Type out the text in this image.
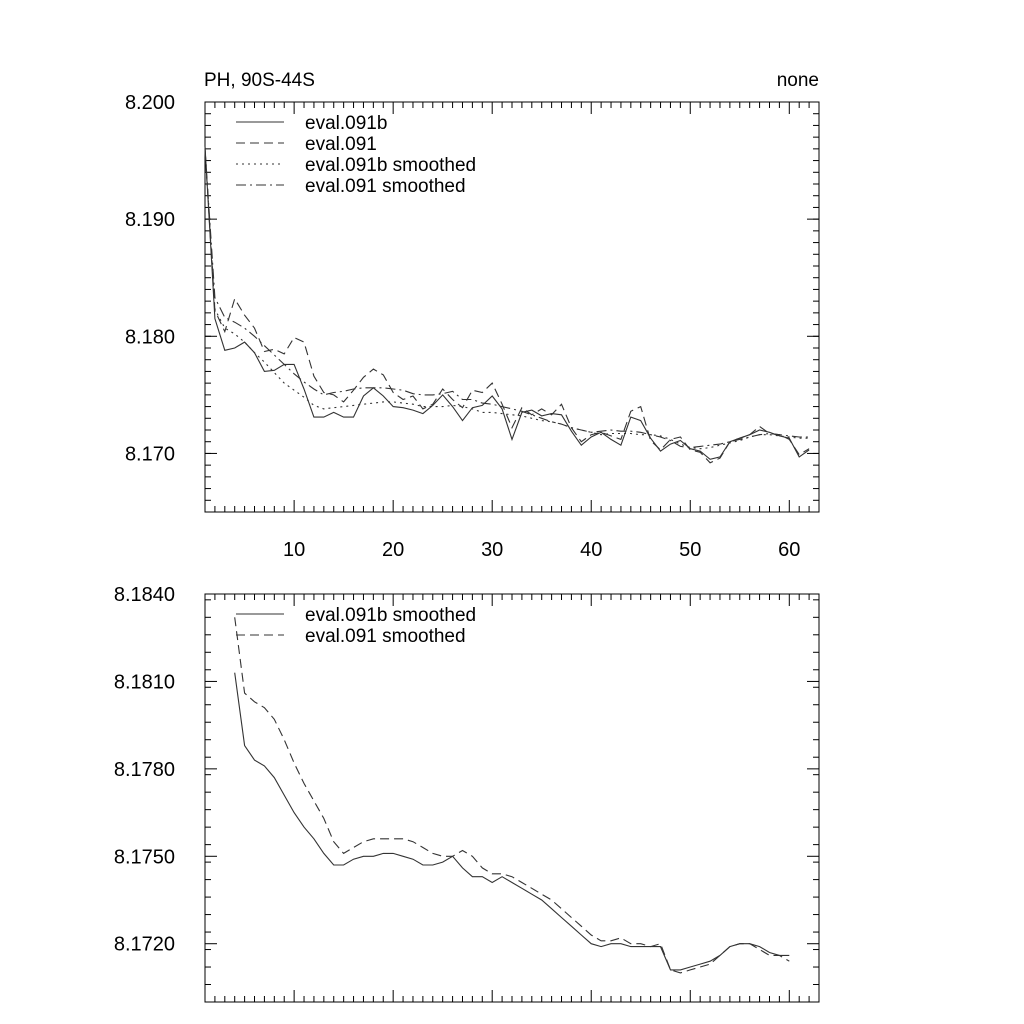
PH, 90S-44S	none
8.170
8.180
8.190
8.200
10	20	30	40	50	60
eval.091b
eval.091
eval.091b smoothed
eval.091 smoothed
8.1720
8.1750
8.1780
8.1810
8.1840
eval.091b smoothed
eval.091 smoothed
